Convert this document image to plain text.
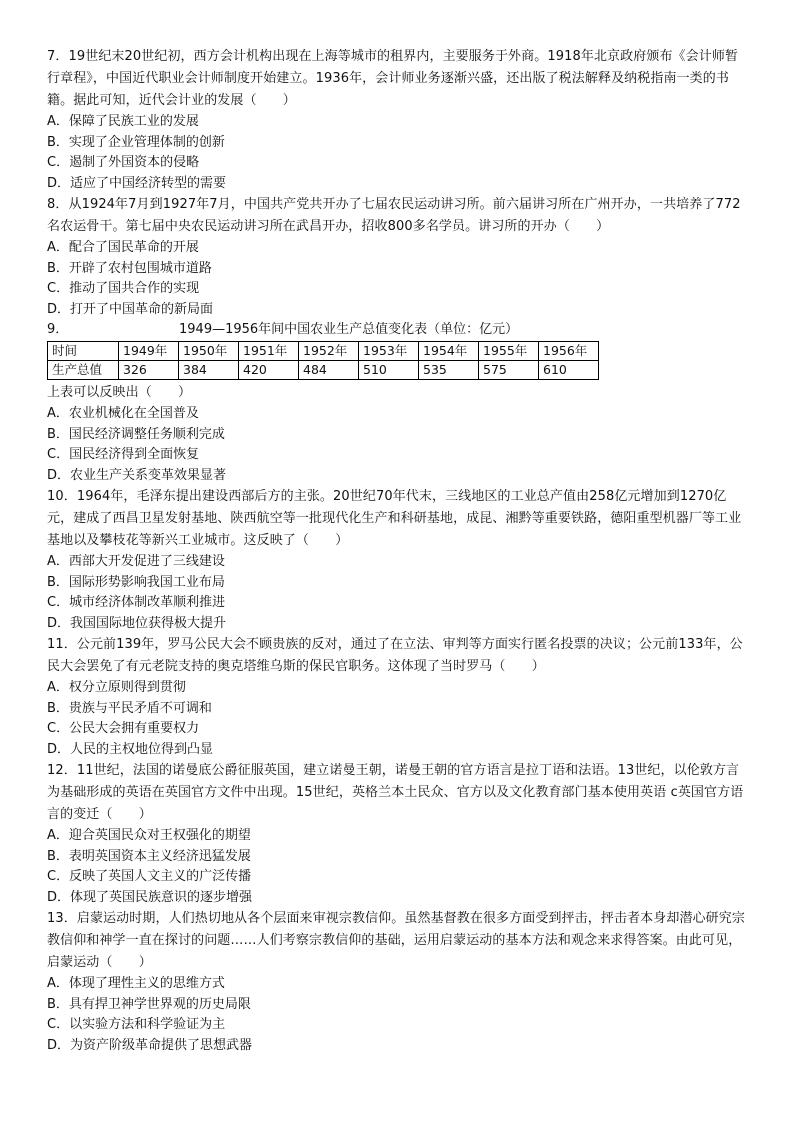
7．19世纪末20世纪初，西方会计机构出现在上海等城市的租界内，主要服务于外商。1918年北京政府颁布《会计师暂行章程》，中国近代职业会计师制度开始建立。1936年，会计师业务逐渐兴盛，还出版了税法解释及纳税指南一类的书籍。据此可知，近代会计业的发展（　　）

A．保障了民族工业的发展

B．实现了企业管理体制的创新

C．遏制了外国资本的侵略

D．适应了中国经济转型的需要

8．从1924年7月到1927年7月，中国共产党共开办了七届农民运动讲习所。前六届讲习所在广州开办，一共培养了772名农运骨干。第七届中央农民运动讲习所在武昌开办，招收800多名学员。讲习所的开办（　　）

A．配合了国民革命的开展

B．开辟了农村包围城市道路

C．推动了国共合作的实现

D．打开了中国革命的新局面

9．	1949—1956年间中国农业生产总值变化表（单位：亿元）

时间	1949年	1950年	1951年	1952年	1953年	1954年	1955年	1956年
生产总值	326	384	420	484	510	535	575	610

上表可以反映出（　　）

A．农业机械化在全国普及

B．国民经济调整任务顺利完成

C．国民经济得到全面恢复

D．农业生产关系变革效果显著

10．1964年，毛泽东提出建设西部后方的主张。20世纪70年代末，三线地区的工业总产值由258亿元增加到1270亿元，建成了西昌卫星发射基地、陕西航空等一批现代化生产和科研基地，成昆、湘黔等重要铁路，德阳重型机器厂等工业基地以及攀枝花等新兴工业城市。这反映了（　　）

A．西部大开发促进了三线建设

B．国际形势影响我国工业布局

C．城市经济体制改革顺利推进

D．我国国际地位获得极大提升

11．公元前139年，罗马公民大会不顾贵族的反对，通过了在立法、审判等方面实行匿名投票的决议；公元前133年，公民大会罢免了有元老院支持的奥克塔维乌斯的保民官职务。这体现了当时罗马（　　）

A．权分立原则得到贯彻

B．贵族与平民矛盾不可调和

C．公民大会拥有重要权力

D．人民的主权地位得到凸显

12．11世纪，法国的诺曼底公爵征服英国，建立诺曼王朝，诺曼王朝的官方语言是拉丁语和法语。13世纪，以伦敦方言为基础形成的英语在英国官方文件中出现。15世纪，英格兰本土民众、官方以及文化教育部门基本使用英语 c英国官方语言的变迁（　　）

A．迎合英国民众对王权强化的期望

B．表明英国资本主义经济迅猛发展

C．反映了英国人文主义的广泛传播

D．体现了英国民族意识的逐步增强

13．启蒙运动时期，人们热切地从各个层面来审视宗教信仰。虽然基督教在很多方面受到抨击，抨击者本身却潜心研究宗教信仰和神学一直在探讨的问题……人们考察宗教信仰的基础，运用启蒙运动的基本方法和观念来求得答案。由此可见，启蒙运动（　　）

A．体现了理性主义的思维方式

B．具有捍卫神学世界观的历史局限

C．以实验方法和科学验证为主

D．为资产阶级革命提供了思想武器
